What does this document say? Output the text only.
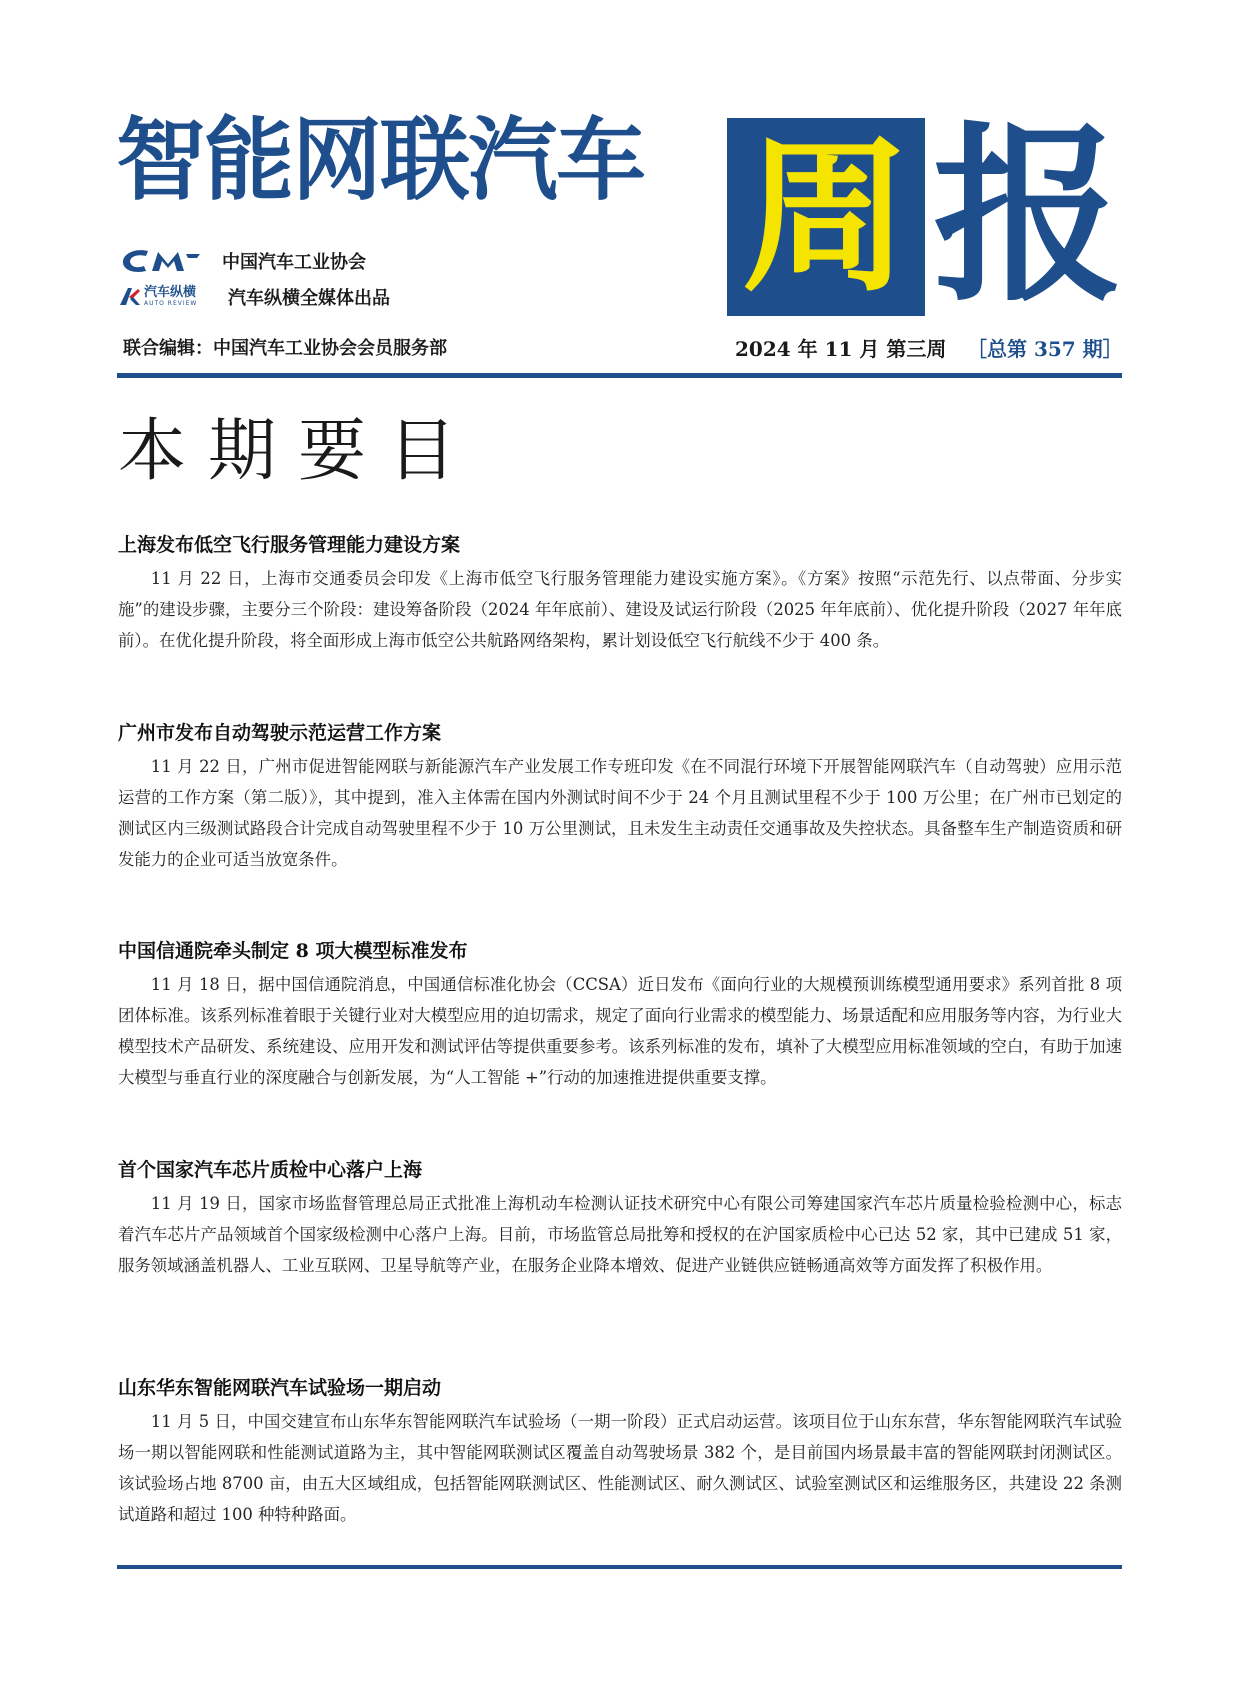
智能网联汽车 周 报
中国汽车工业协会
汽车纵横
AUTO REVIEW 汽车纵横全媒体出品
联合编辑：中国汽车工业协会会员服务部	2024 年 11 月 第三周 ［总第 357 期］
本期要目
上海发布低空飞行服务管理能力建设方案

11 月 22 日，上海市交通委员会印发《上海市低空飞行服务管理能力建设实施方案》。《方案》按照“示范先行、以点带面、分步实施”的建设步骤，主要分三个阶段：建设筹备阶段（2024 年年底前）、建设及试运行阶段（2025 年年底前）、优化提升阶段（2027 年年底前）。在优化提升阶段，将全面形成上海市低空公共航路网络架构，累计划设低空飞行航线不少于 400 条。

广州市发布自动驾驶示范运营工作方案

11 月 22 日，广州市促进智能网联与新能源汽车产业发展工作专班印发《在不同混行环境下开展智能网联汽车（自动驾驶）应用示范运营的工作方案（第二版）》，其中提到，准入主体需在国内外测试时间不少于 24 个月且测试里程不少于 100 万公里；在广州市已划定的测试区内三级测试路段合计完成自动驾驶里程不少于 10 万公里测试，且未发生主动责任交通事故及失控状态。具备整车生产制造资质和研发能力的企业可适当放宽条件。

中国信通院牵头制定 8 项大模型标准发布

11 月 18 日，据中国信通院消息，中国通信标准化协会（CCSA）近日发布《面向行业的大规模预训练模型通用要求》系列首批 8 项团体标准。该系列标准着眼于关键行业对大模型应用的迫切需求，规定了面向行业需求的模型能力、场景适配和应用服务等内容，为行业大模型技术产品研发、系统建设、应用开发和测试评估等提供重要参考。该系列标准的发布，填补了大模型应用标准领域的空白，有助于加速大模型与垂直行业的深度融合与创新发展，为“人工智能 +”行动的加速推进提供重要支撑。

首个国家汽车芯片质检中心落户上海

11 月 19 日，国家市场监督管理总局正式批准上海机动车检测认证技术研究中心有限公司筹建国家汽车芯片质量检验检测中心，标志着汽车芯片产品领域首个国家级检测中心落户上海。目前，市场监管总局批筹和授权的在沪国家质检中心已达 52 家，其中已建成 51 家，服务领域涵盖机器人、工业互联网、卫星导航等产业，在服务企业降本增效、促进产业链供应链畅通高效等方面发挥了积极作用。

山东华东智能网联汽车试验场一期启动

11 月 5 日，中国交建宣布山东华东智能网联汽车试验场（一期一阶段）正式启动运营。该项目位于山东东营，华东智能网联汽车试验场一期以智能网联和性能测试道路为主，其中智能网联测试区覆盖自动驾驶场景 382 个，是目前国内场景最丰富的智能网联封闭测试区。该试验场占地 8700 亩，由五大区域组成，包括智能网联测试区、性能测试区、耐久测试区、试验室测试区和运维服务区，共建设 22 条测试道路和超过 100 种特种路面。
